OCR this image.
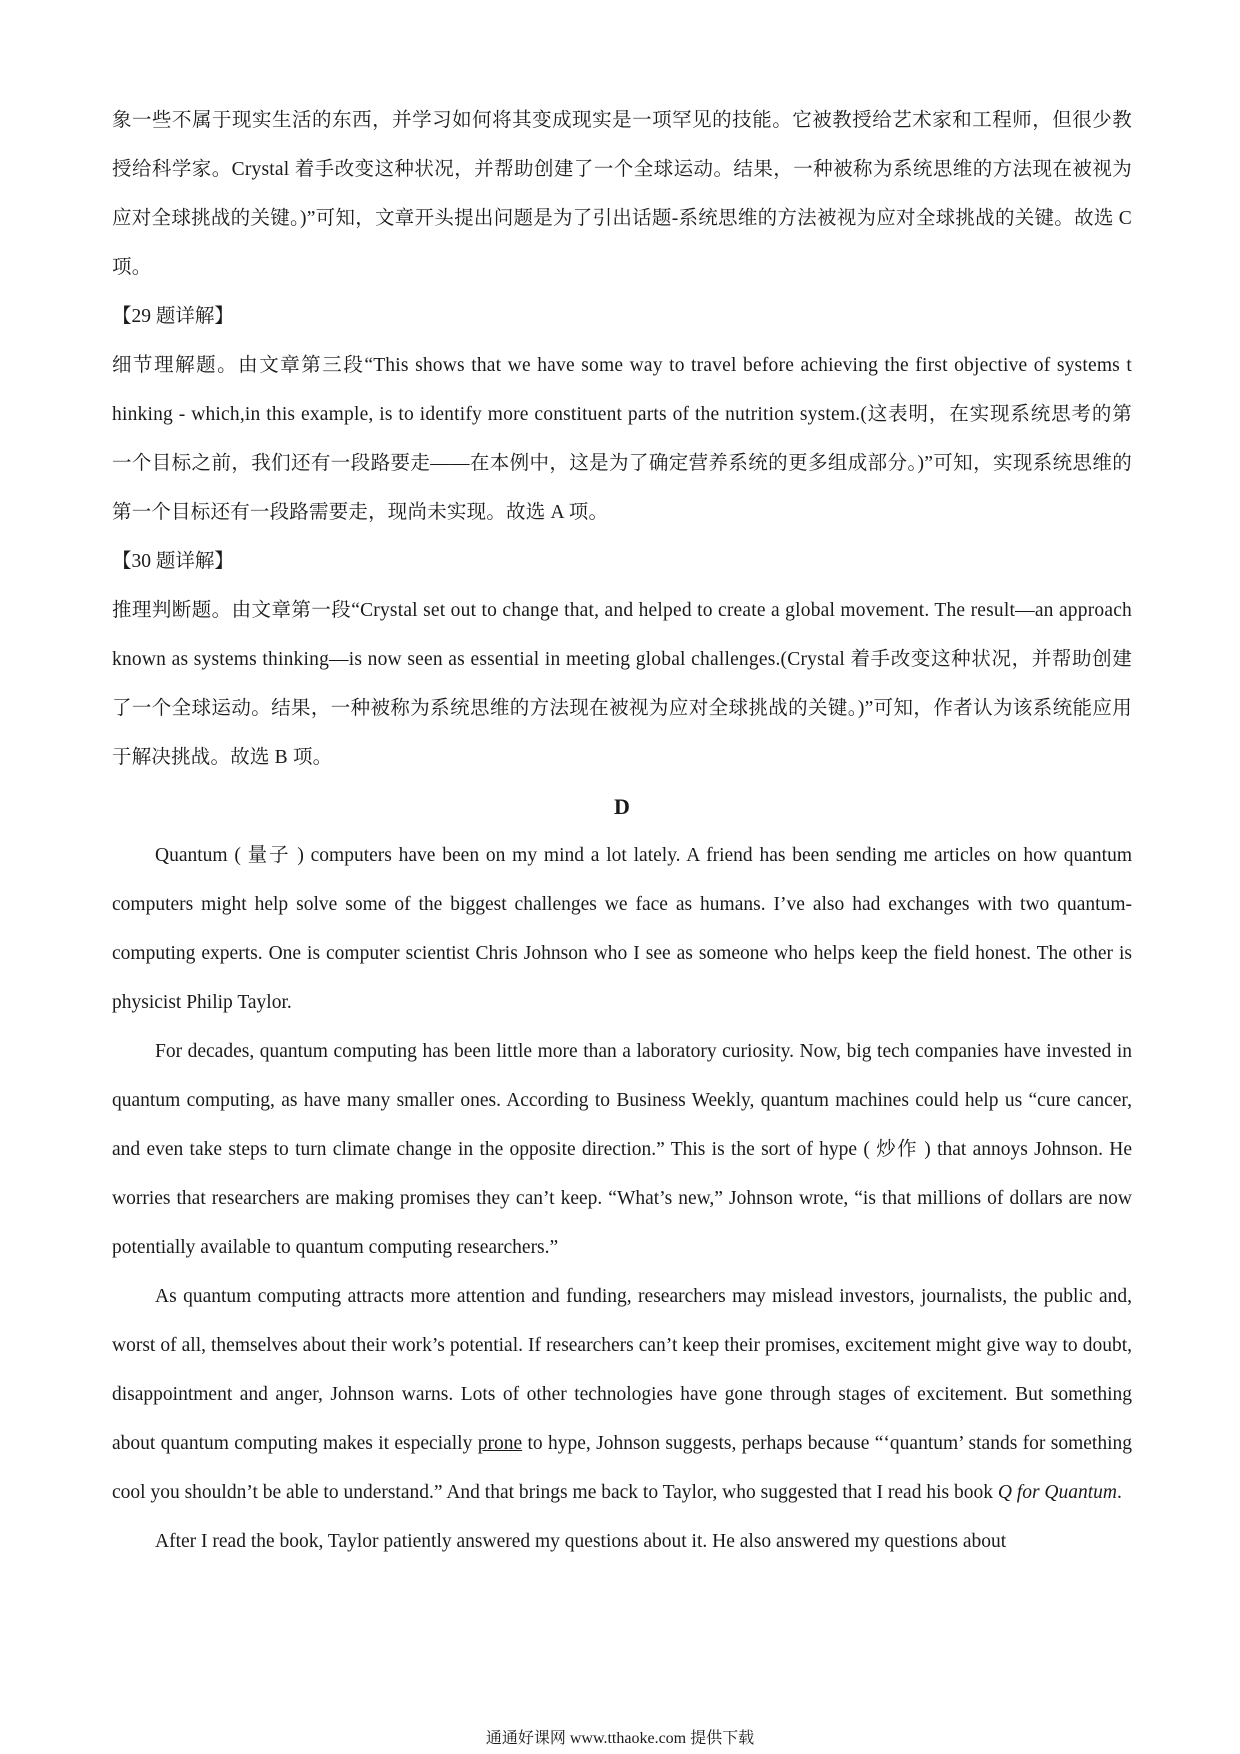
象一些不属于现实生活的东西，并学习如何将其变成现实是一项罕见的技能。它被教授给艺术家和工程师，但很少教授给科学家。Crystal 着手改变这种状况，并帮助创建了一个全球运动。结果，一种被称为系统思维的方法现在被视为应对全球挑战的关键。)”可知，文章开头提出问题是为了引出话题-系统思维的方法被视为应对全球挑战的关键。故选 C 项。

【29 题详解】

细节理解题。由文章第三段“This shows that we have some way to travel before achieving the first objective of systems t hinking - which,in this example, is to identify more constituent parts of the nutrition system.(这表明，在实现系统思考的第一个目标之前，我们还有一段路要走——在本例中，这是为了确定营养系统的更多组成部分。)”可知，实现系统思维的第一个目标还有一段路需要走，现尚未实现。故选 A 项。

【30 题详解】

推理判断题。由文章第一段“Crystal set out to change that, and helped to create a global movement. The result—an approach known as systems thinking—is now seen as essential in meeting global challenges.(Crystal 着手改变这种状况，并帮助创建了一个全球运动。结果，一种被称为系统思维的方法现在被视为应对全球挑战的关键。)”可知，作者认为该系统能应用于解决挑战。故选 B 项。

D

Quantum ( 量子 ) computers have been on my mind a lot lately. A friend has been sending me articles on how quantum computers might help solve some of the biggest challenges we face as humans. I’ve also had exchanges with two quantum-computing experts. One is computer scientist Chris Johnson who I see as someone who helps keep the field honest. The other is physicist Philip Taylor.

For decades, quantum computing has been little more than a laboratory curiosity. Now, big tech companies have invested in quantum computing, as have many smaller ones. According to Business Weekly, quantum machines could help us “cure cancer, and even take steps to turn climate change in the opposite direction.” This is the sort of hype ( 炒作 ) that annoys Johnson. He worries that researchers are making promises they can’t keep. “What’s new,” Johnson wrote, “is that millions of dollars are now potentially available to quantum computing researchers.”

As quantum computing attracts more attention and funding, researchers may mislead investors, journalists, the public and, worst of all, themselves about their work’s potential. If researchers can’t keep their promises, excitement might give way to doubt, disappointment and anger, Johnson warns. Lots of other technologies have gone through stages of excitement. But something about quantum computing makes it especially prone to hype, Johnson suggests, perhaps because “‘quantum’ stands for something cool you shouldn’t be able to understand.” And that brings me back to Taylor, who suggested that I read his book Q for Quantum.

After I read the book, Taylor patiently answered my questions about it. He also answered my questions about

通通好课网 www.tthaoke.com 提供下载
